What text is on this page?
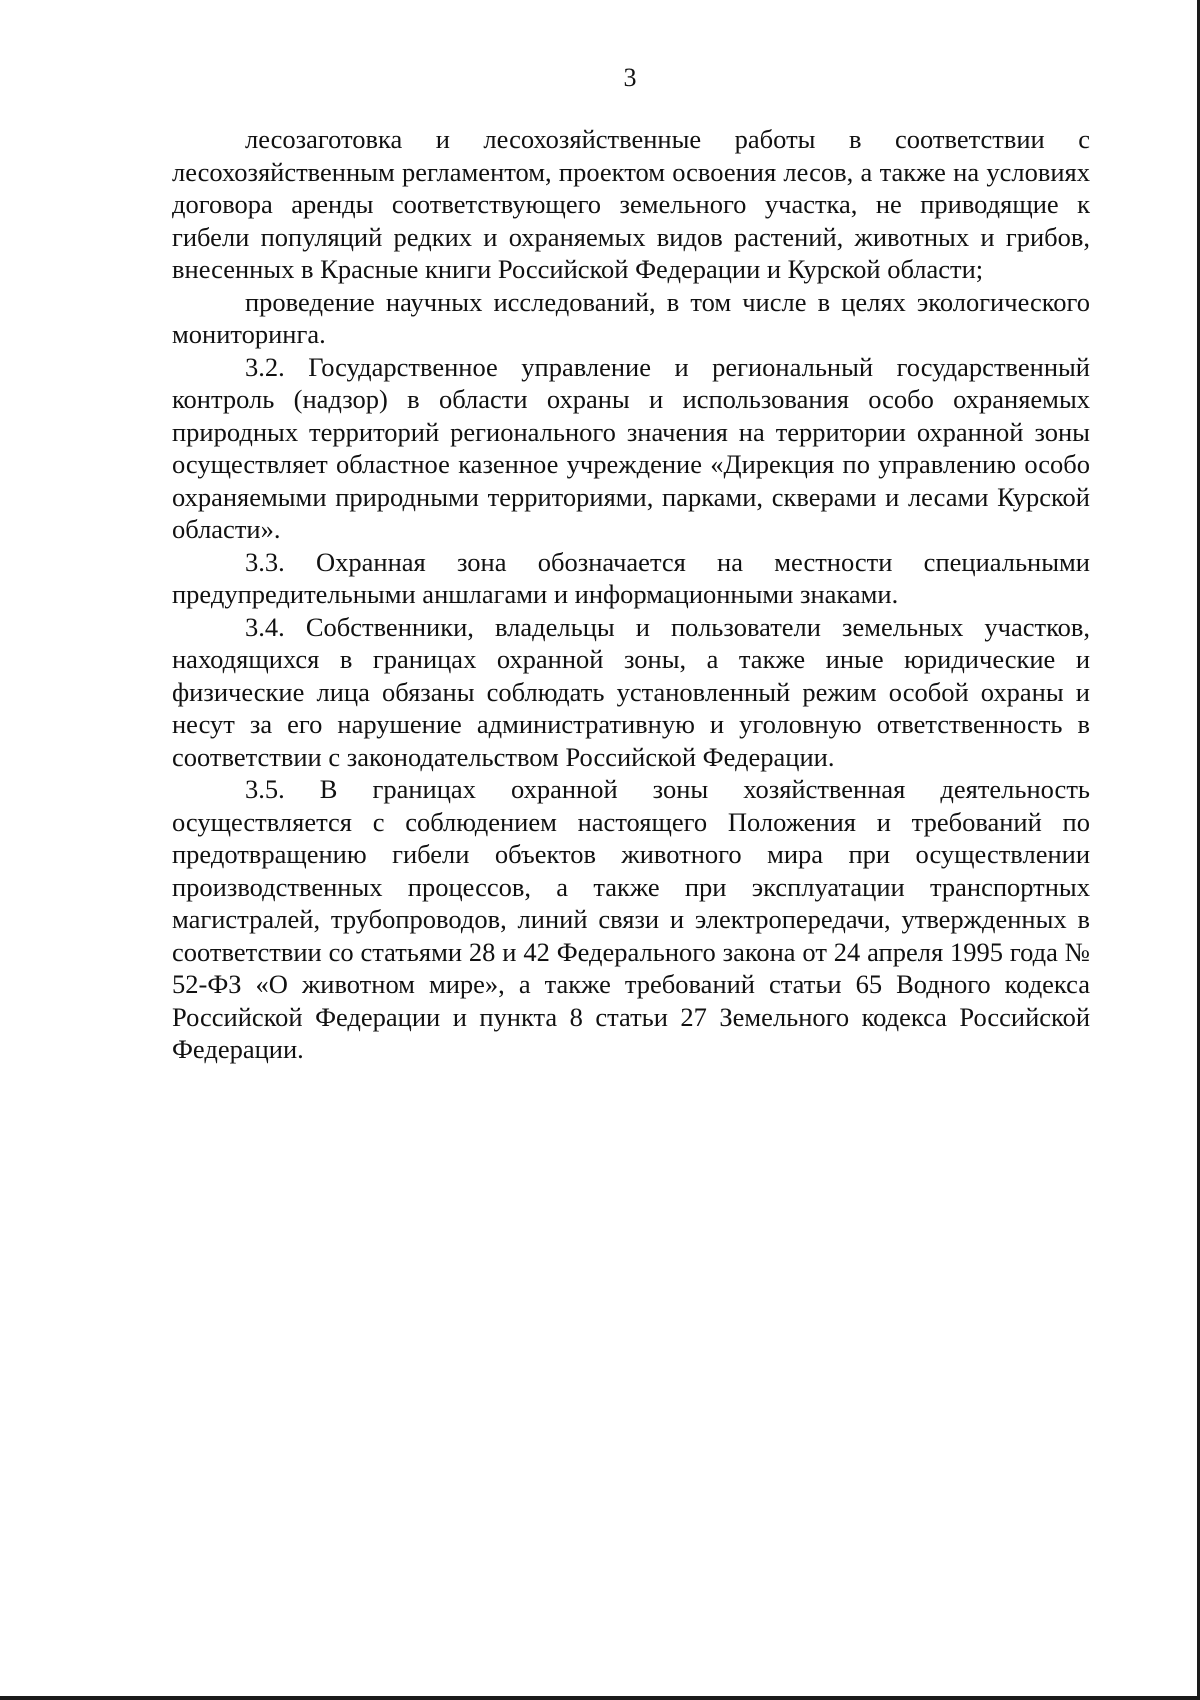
3

лесозаготовка и лесохозяйственные работы в соответствии с лесохозяйственным регламентом, проектом освоения лесов, а также на условиях договора аренды соответствующего земельного участка, не приводящие к гибели популяций редких и охраняемых видов растений, животных и грибов, внесенных в Красные книги Российской Федерации и Курской области;

проведение научных исследований, в том числе в целях экологического мониторинга.

3.2. Государственное управление и региональный государственный контроль (надзор) в области охраны и использования особо охраняемых природных территорий регионального значения на территории охранной зоны осуществляет областное казенное учреждение «Дирекция по управлению особо охраняемыми природными территориями, парками, скверами и лесами Курской области».

3.3. Охранная зона обозначается на местности специальными предупредительными аншлагами и информационными знаками.

3.4. Собственники, владельцы и пользователи земельных участков, находящихся в границах охранной зоны, а также иные юридические и физические лица обязаны соблюдать установленный режим особой охраны и несут за его нарушение административную и уголовную ответственность в соответствии с законодательством Российской Федерации.

3.5. В границах охранной зоны хозяйственная деятельность осуществляется с соблюдением настоящего Положения и требований по предотвращению гибели объектов животного мира при осуществлении производственных процессов, а также при эксплуатации транспортных магистралей, трубопроводов, линий связи и электропередачи, утвержденных в соответствии со статьями 28 и 42 Федерального закона от 24 апреля 1995 года № 52-ФЗ «О животном мире», а также требований статьи 65 Водного кодекса Российской Федерации и пункта 8 статьи 27 Земельного кодекса Российской Федерации.
